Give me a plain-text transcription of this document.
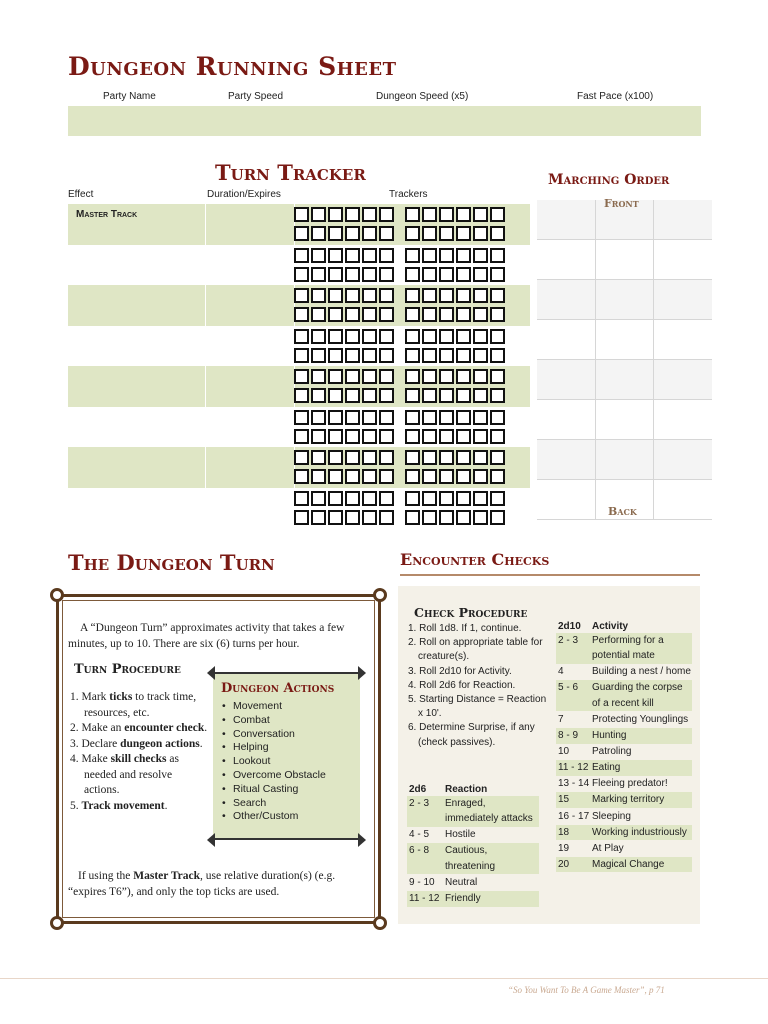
Dungeon Running Sheet
Party Name	Party Speed	Dungeon Speed (x5)	Fast Pace (x100)
Turn Tracker	Marching Order
Effect	Duration/Expires	Trackers
Master Track
Front
Back
The Dungeon Turn
A “Dungeon Turn” approximates activity that takes a few minutes, up to 10. There are six (6) turns per hour.
Turn Procedure
1. Mark ticks to track time, resources, etc.
2. Make an encounter check.
3. Declare dungeon actions.
4. Make skill checks as needed and resolve actions.
5. Track movement.
Dungeon Actions
• Movement
• Combat
• Conversation
• Helping
• Lookout
• Overcome Obstacle
• Ritual Casting
• Search
• Other/Custom
If using the Master Track, use relative duration(s) (e.g. “expires T6”), and only the top ticks are used.
Encounter Checks
Check Procedure
1. Roll 1d8. If 1, continue.
2. Roll on appropriate table for creature(s).
3. Roll 2d10 for Activity.
4. Roll 2d6 for Reaction.
5. Starting Distance = Reaction x 10'.
6. Determine Surprise, if any (check passives).
2d6	Reaction
2 - 3	Enraged, immediately attacks
4 - 5	Hostile
6 - 8	Cautious, threatening
9 - 10	Neutral
11 - 12 Friendly
2d10	Activity
2 - 3	Performing for a potential mate
4	Building a nest / home
5 - 6	Guarding the corpse of a recent kill
7	Protecting Younglings
8 - 9	Hunting
10	Patroling
11 - 12 Eating
13 - 14 Fleeing predator!
15	Marking territory
16 - 17 Sleeping
18	Working industriously
19	At Play
20	Magical Change
“So You Want To Be A Game Master”, p 71
